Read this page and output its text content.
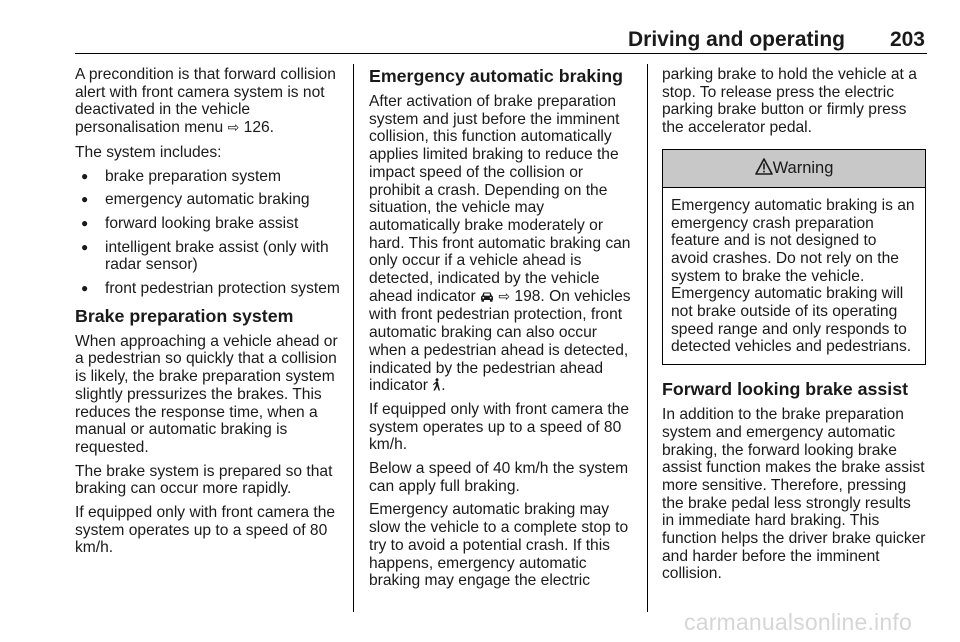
Driving and operating 203

A precondition is that forward collision alert with front camera system is not deactivated in the vehicle personalisation menu ⇨ 126.

The system includes:

● brake preparation system
● emergency automatic braking
● forward looking brake assist
● intelligent brake assist (only with radar sensor)
● front pedestrian protection system
Brake preparation system

When approaching a vehicle ahead or a pedestrian so quickly that a collision is likely, the brake preparation system slightly pressurizes the brakes. This reduces the response time, when a manual or automatic braking is requested.

The brake system is prepared so that braking can occur more rapidly.

If equipped only with front camera the system operates up to a speed of 80 km/h.

Emergency automatic braking

After activation of brake preparation system and just before the imminent collision, this function automatically applies limited braking to reduce the impact speed of the collision or prohibit a crash. Depending on the situation, the vehicle may automatically brake moderately or hard. This front automatic braking can only occur if a vehicle ahead is detected, indicated by the vehicle ahead indicator ⇨ 198. On vehicles with front pedestrian protection, front automatic braking can also occur when a pedestrian ahead is detected, indicated by the pedestrian ahead indicator .

If equipped only with front camera the system operates up to a speed of 80 km/h.

Below a speed of 40 km/h the system can apply full braking.

Emergency automatic braking may slow the vehicle to a complete stop to try to avoid a potential crash. If this happens, emergency automatic braking may engage the electric

parking brake to hold the vehicle at a stop. To release press the electric parking brake button or firmly press the accelerator pedal.

Warning
Emergency automatic braking is an emergency crash preparation feature and is not designed to avoid crashes. Do not rely on the system to brake the vehicle. Emergency automatic braking will not brake outside of its operating speed range and only responds to detected vehicles and pedestrians.
Forward looking brake assist

In addition to the brake preparation system and emergency automatic braking, the forward looking brake assist function makes the brake assist more sensitive. Therefore, pressing the brake pedal less strongly results in immediate hard braking. This function helps the driver brake quicker and harder before the imminent collision.

carmanualsonline.info
